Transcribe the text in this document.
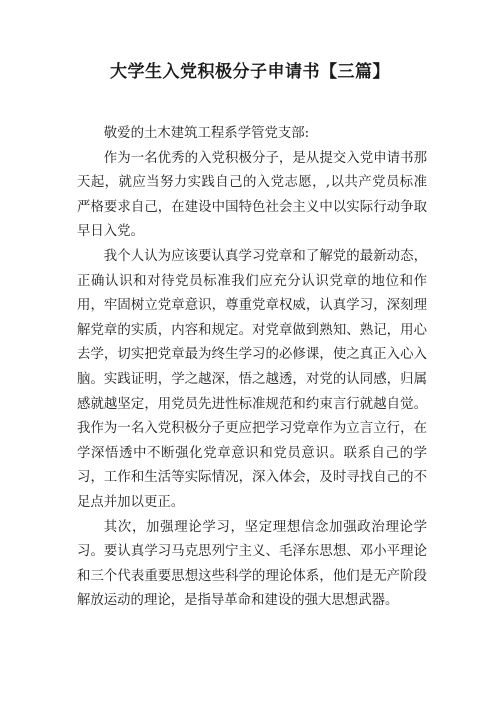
大学生入党积极分子申请书【三篇】

敬爱的土木建筑工程系学管党支部:

作为一名优秀的入党积极分子，是从提交入党申请书那天起，就应当努力实践自己的入党志愿，,以共产党员标准严格要求自己，在建设中国特色社会主义中以实际行动争取早日入党。

我个人认为应该要认真学习党章和了解党的最新动态，正确认识和对待党员标准我们应充分认识党章的地位和作用，牢固树立党章意识，尊重党章权威，认真学习，深刻理解党章的实质，内容和规定。对党章做到熟知、熟记，用心去学，切实把党章最为终生学习的必修课，使之真正入心入脑。实践证明，学之越深，悟之越透，对党的认同感，归属感就越坚定，用党员先进性标准规范和约束言行就越自觉。我作为一名入党积极分子更应把学习党章作为立言立行，在学深悟透中不断强化党章意识和党员意识。联系自己的学习，工作和生活等实际情况，深入体会，及时寻找自己的不足点并加以更正。

其次，加强理论学习，坚定理想信念加强政治理论学习。要认真学习马克思列宁主义、毛泽东思想、邓小平理论和三个代表重要思想这些科学的理论体系，他们是无产阶段解放运动的理论，是指导革命和建设的强大思想武器。
